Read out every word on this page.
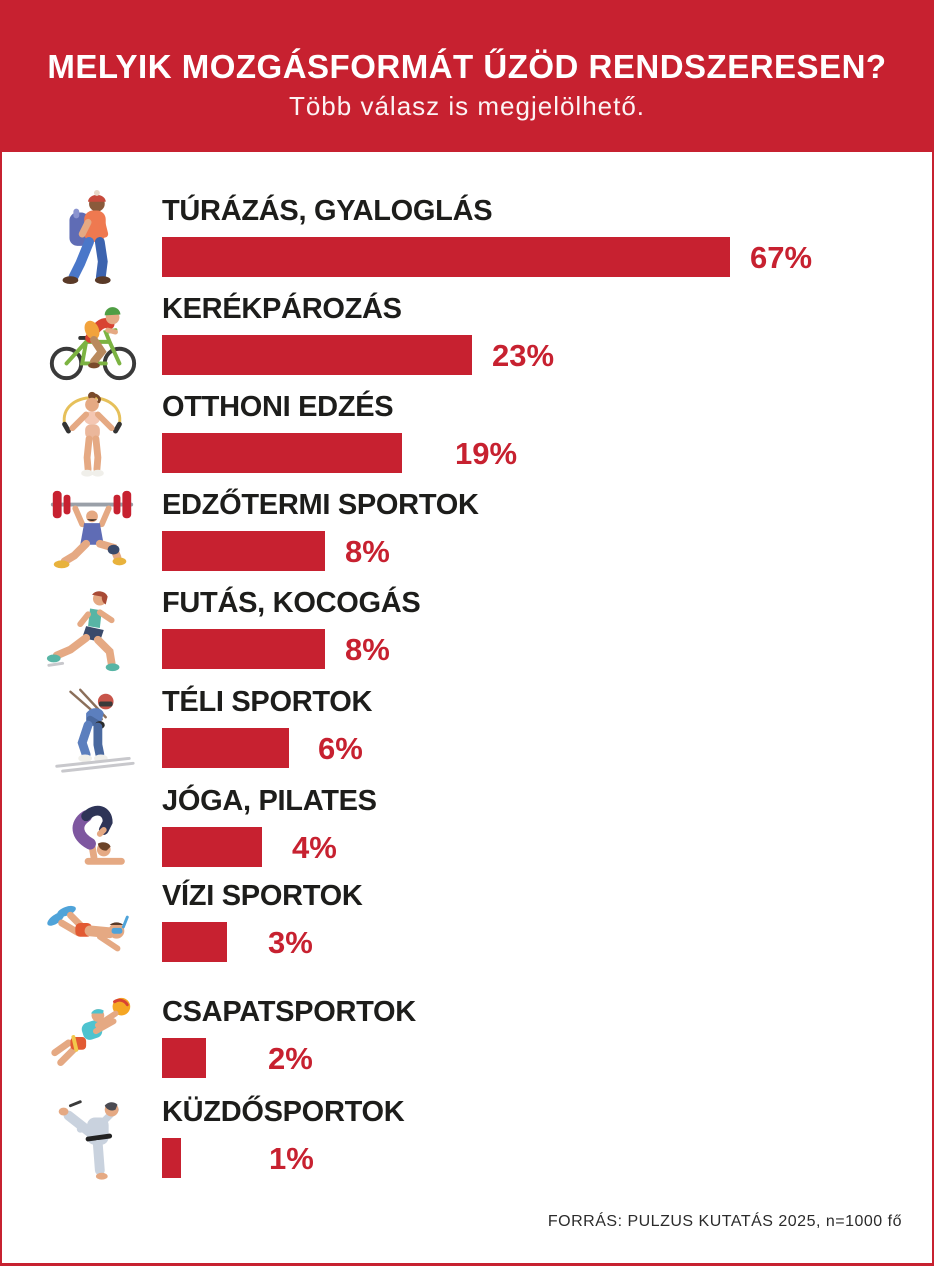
MELYIK MOZGÁSFORMÁT ŰZÖD RENDSZERESEN?

Több válasz is megjelölhető.

TÚRÁZÁS, GYALOGLÁS
67%
KERÉKPÁROZÁS
23%
OTTHONI EDZÉS
19%
EDZŐTERMI SPORTOK
8%
FUTÁS, KOCOGÁS
8%
TÉLI SPORTOK
6%
JÓGA, PILATES
4%
VÍZI SPORTOK
3%
CSAPATSPORTOK
2%
KÜZDŐSPORTOK
1%
FORRÁS: PULZUS KUTATÁS 2025, n=1000 fő
